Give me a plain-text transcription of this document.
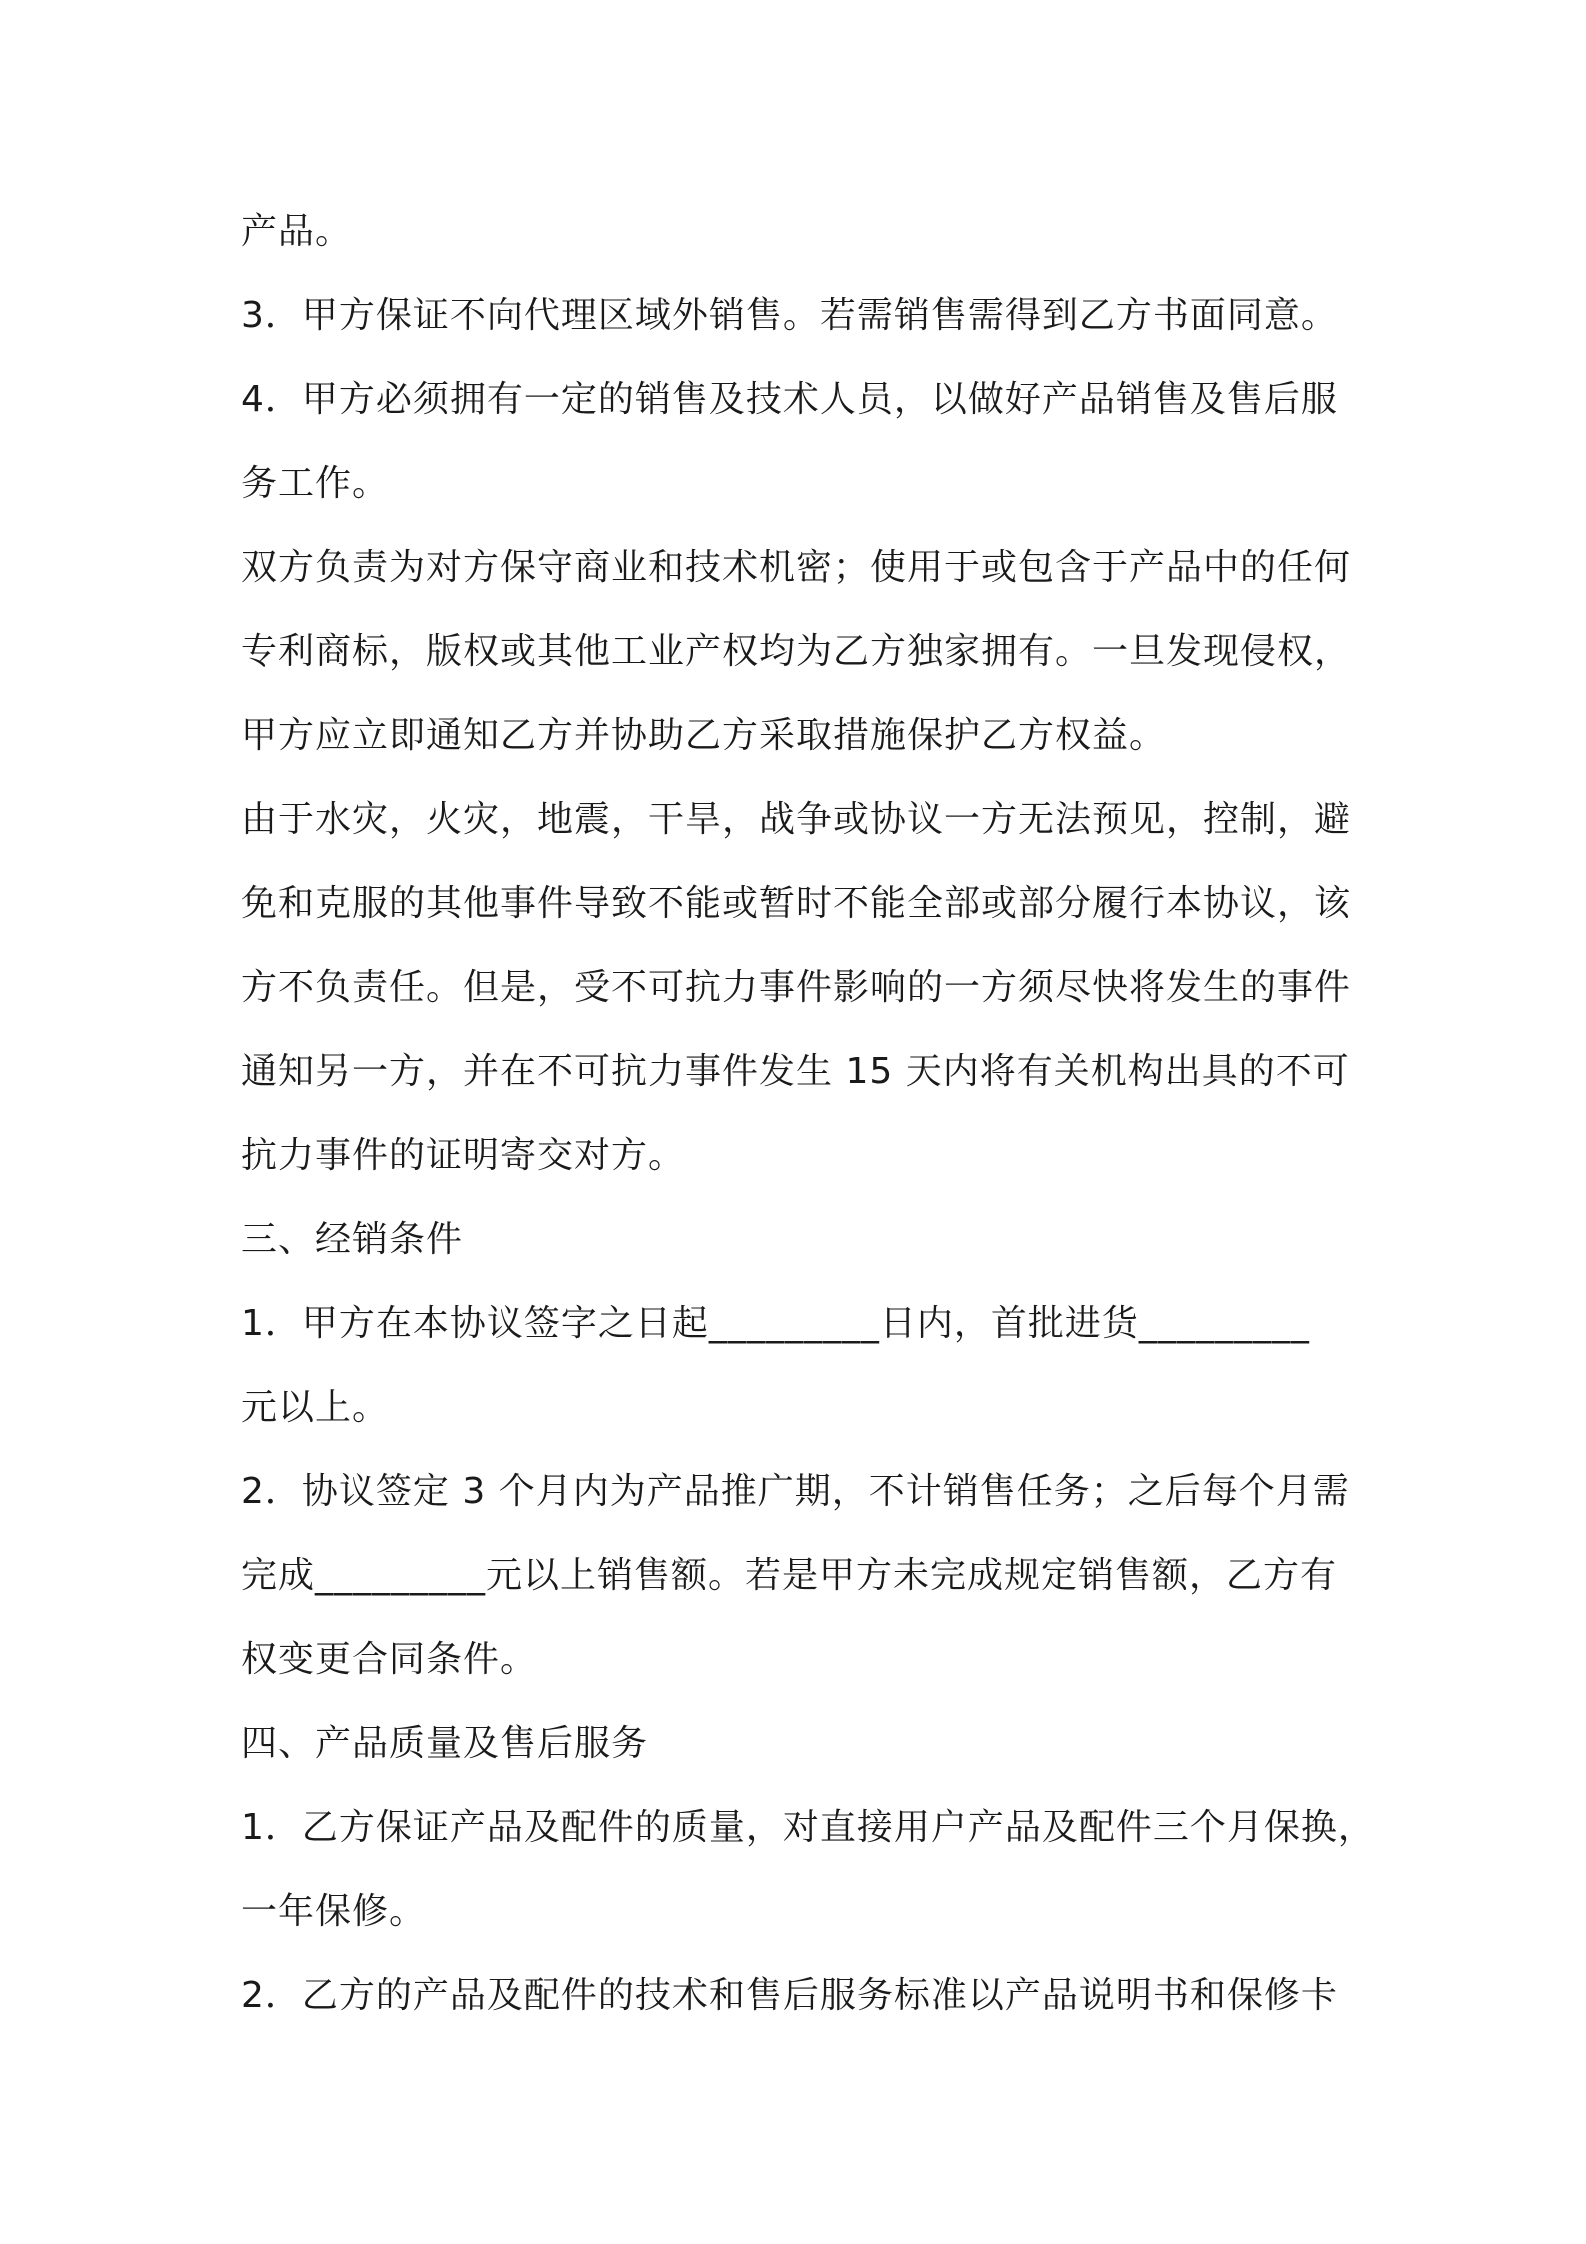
产品。

3．甲方保证不向代理区域外销售。若需销售需得到乙方书面同意。

4．甲方必须拥有一定的销售及技术人员，以做好产品销售及售后服
务工作。

双方负责为对方保守商业和技术机密；使用于或包含于产品中的任何
专利商标，版权或其他工业产权均为乙方独家拥有。一旦发现侵权，
甲方应立即通知乙方并协助乙方采取措施保护乙方权益。

由于水灾，火灾，地震，干旱，战争或协议一方无法预见，控制，避
免和克服的其他事件导致不能或暂时不能全部或部分履行本协议，该
方不负责任。但是，受不可抗力事件影响的一方须尽快将发生的事件
通知另一方，并在不可抗力事件发生 15 天内将有关机构出具的不可
抗力事件的证明寄交对方。

三、经销条件

1．甲方在本协议签字之日起_________日内，首批进货_________
元以上。

2．协议签定 3 个月内为产品推广期，不计销售任务；之后每个月需
完成_________元以上销售额。若是甲方未完成规定销售额，乙方有
权变更合同条件。

四、产品质量及售后服务

1．乙方保证产品及配件的质量，对直接用户产品及配件三个月保换，
一年保修。

2．乙方的产品及配件的技术和售后服务标准以产品说明书和保修卡
